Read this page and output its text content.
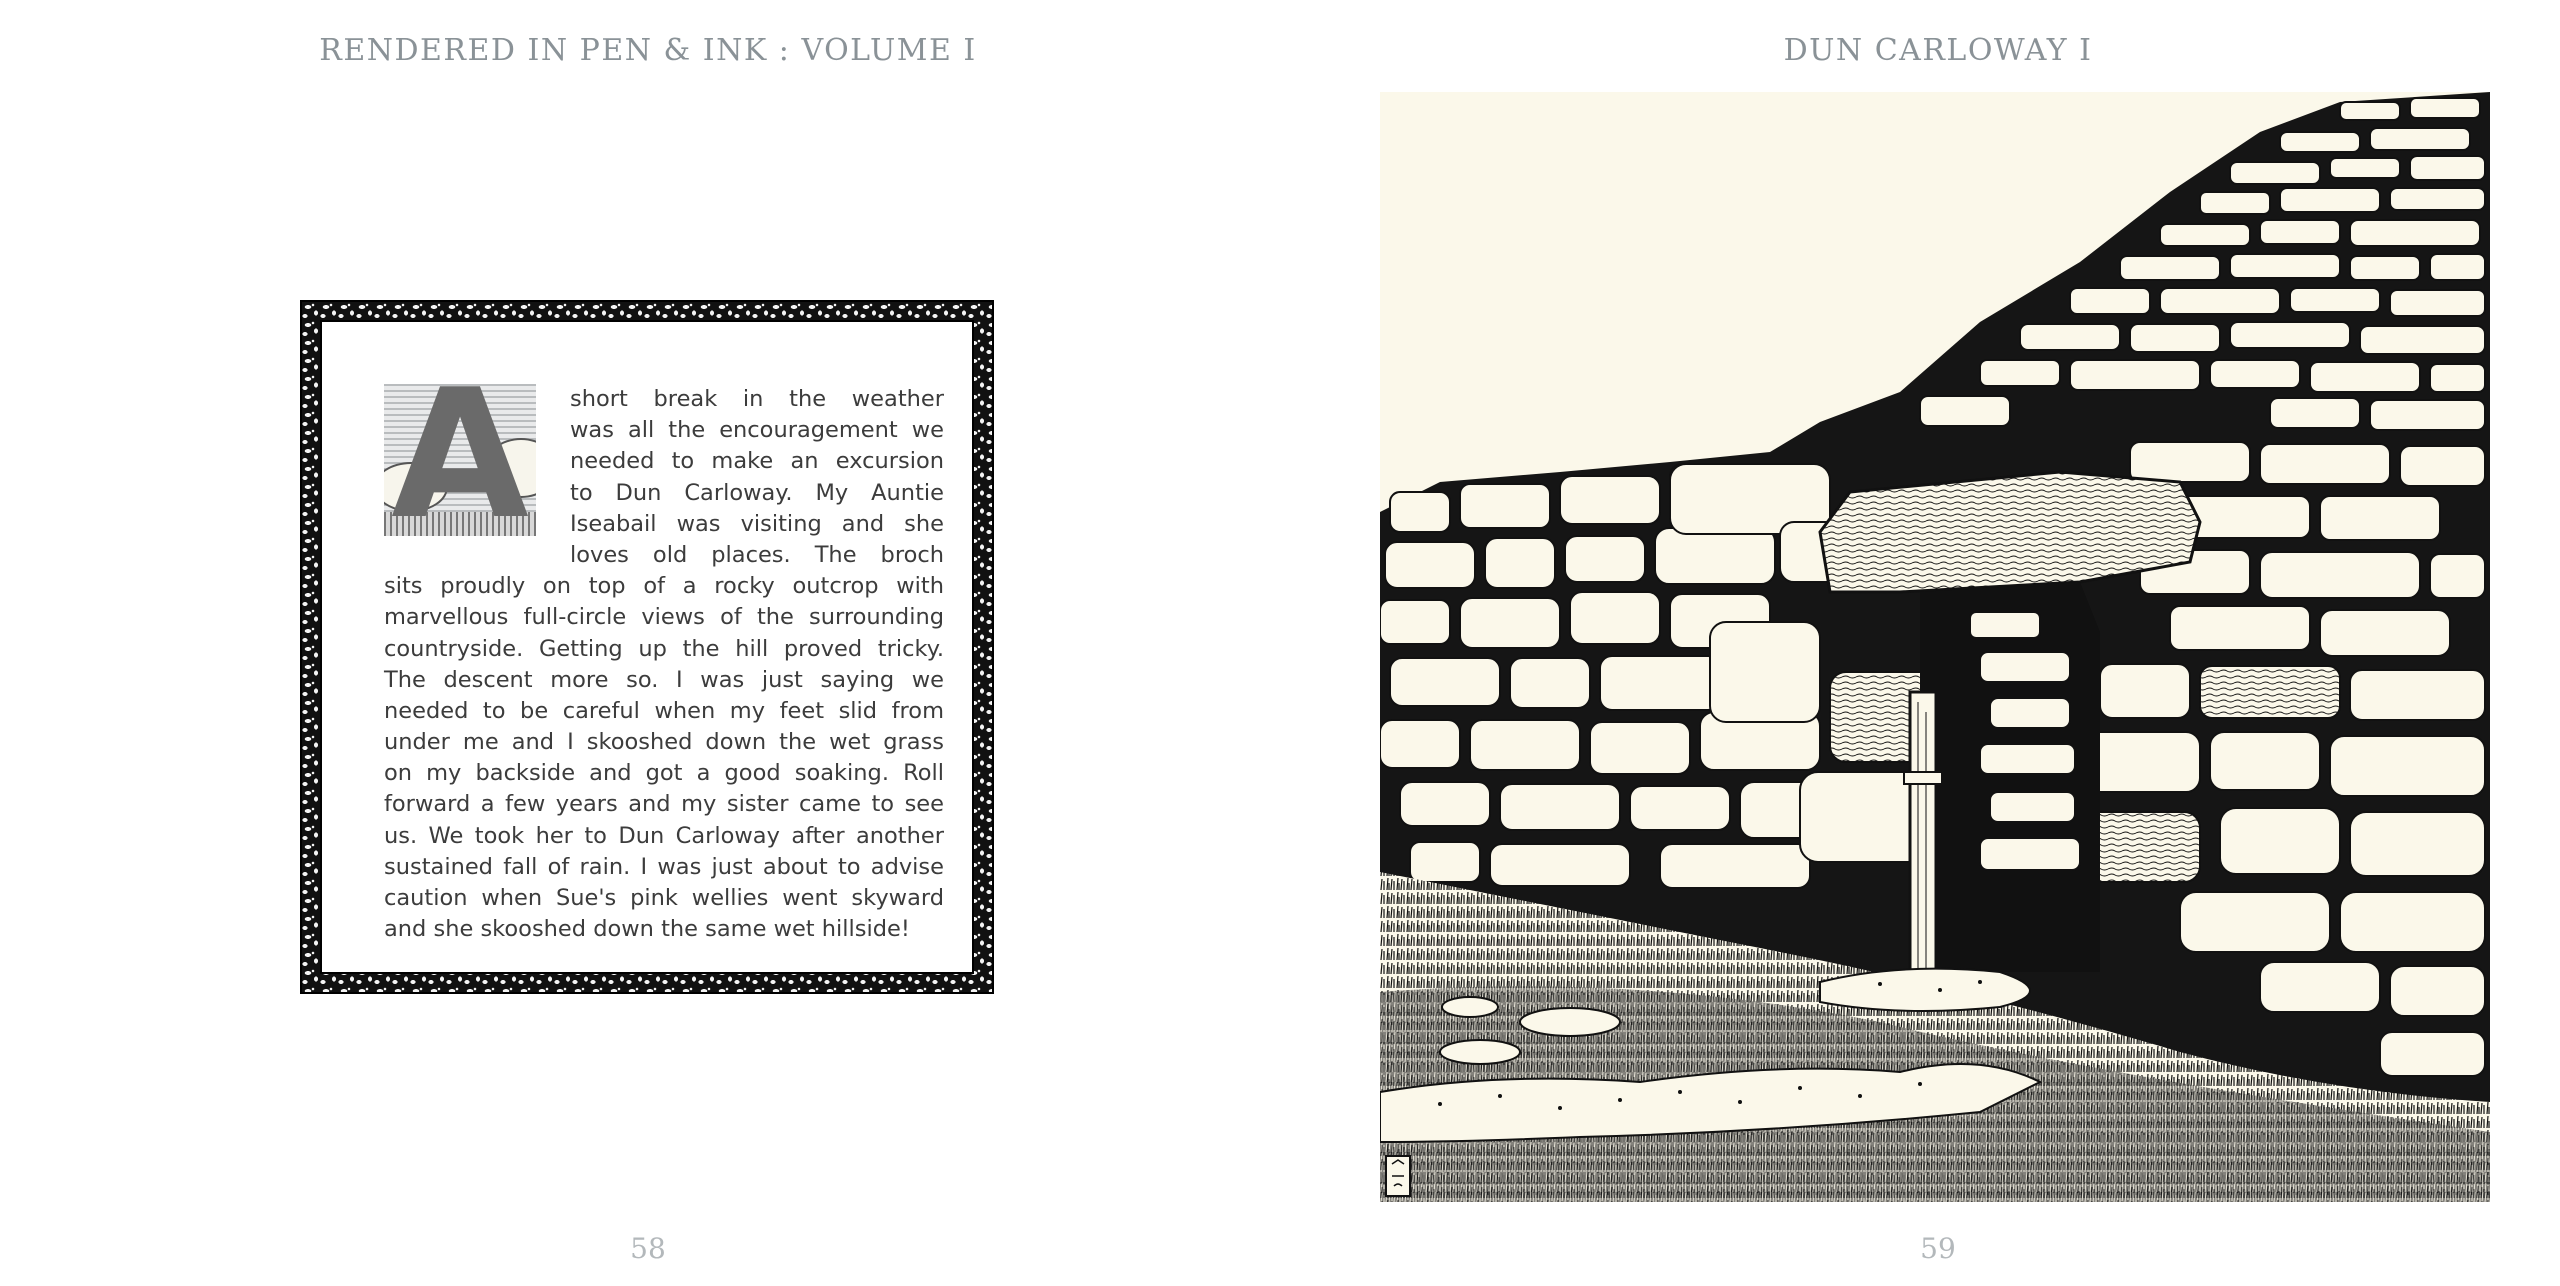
RENDERED IN PEN & INK : VOLUME I
A	short break in the weather
was all the encouragement we
needed to make an excursion
to Dun Carloway. My Auntie
Iseabail was visiting and she
loves old places. The broch
sits proudly on top of a rocky outcrop with
marvellous full-circle views of the surrounding
countryside. Getting up the hill proved tricky.
The descent more so. I was just saying we
needed to be careful when my feet slid from
under me and I skooshed down the wet grass
on my backside and got a good soaking. Roll
forward a few years and my sister came to see
us. We took her to Dun Carloway after another
sustained fall of rain. I was just about to advise
caution when Sue's pink wellies went skyward
and she skooshed down the same wet hillside!
58
DUN CARLOWAY I
59
